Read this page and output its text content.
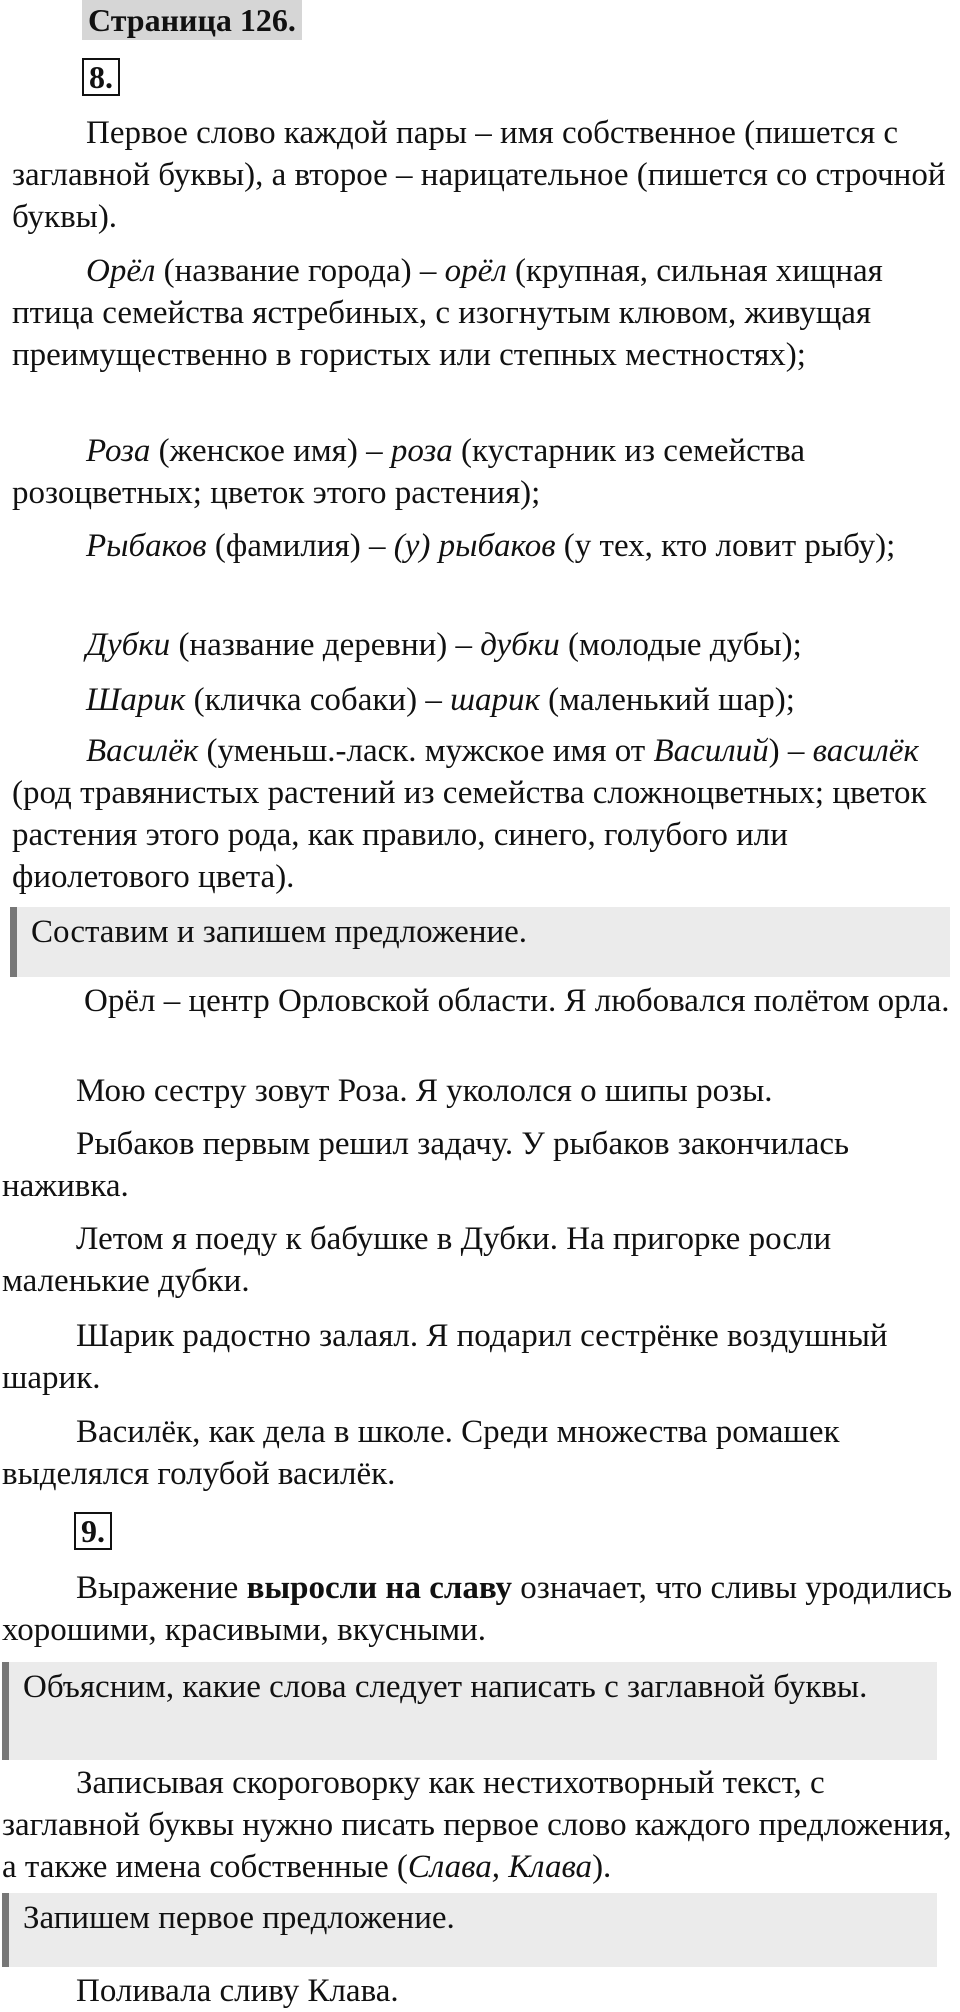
Страница 126.
8.

Первое слово каждой пары – имя собственное (пишется с заглавной буквы), а второе – нарицательное (пишется со строчной буквы).

Орёл (название города) – орёл (крупная, сильная хищная птица семейства ястребиных, с изогнутым клювом, живущая преимущественно в гористых или степных местностях);

Роза (женское имя) – роза (кустарник из семейства розоцветных; цветок этого растения);

Рыбаков (фамилия) – (у) рыбаков (у тех, кто ловит рыбу);

Дубки (название деревни) – дубки (молодые дубы);

Шарик (кличка собаки) – шарик (маленький шар);

Василёк (уменьш.-ласк. мужское имя от Василий) – василёк (род травянистых растений из семейства сложноцветных; цветок растения этого рода, как правило, синего, голубого или фиолетового цвета).

Составим и запишем предложение.

Орёл – центр Орловской области. Я любовался полётом орла.

Мою сестру зовут Роза. Я укололся о шипы розы.

Рыбаков первым решил задачу. У рыбаков закончилась наживка.

Летом я поеду к бабушке в Дубки. На пригорке росли маленькие дубки.

Шарик радостно залаял. Я подарил сестрёнке воздушный шарик.

Василёк, как дела в школе. Среди множества ромашек выделялся голубой василёк.

9.

Выражение выросли на славу означает, что сливы уродились хорошими, красивыми, вкусными.

Объясним, какие слова следует написать с заглавной буквы.

Записывая скороговорку как нестихотворный текст, с заглавной буквы нужно писать первое слово каждого предложения, а также имена собственные (Слава, Клава).

Запишем первое предложение.

Поливала сливу Клава.
